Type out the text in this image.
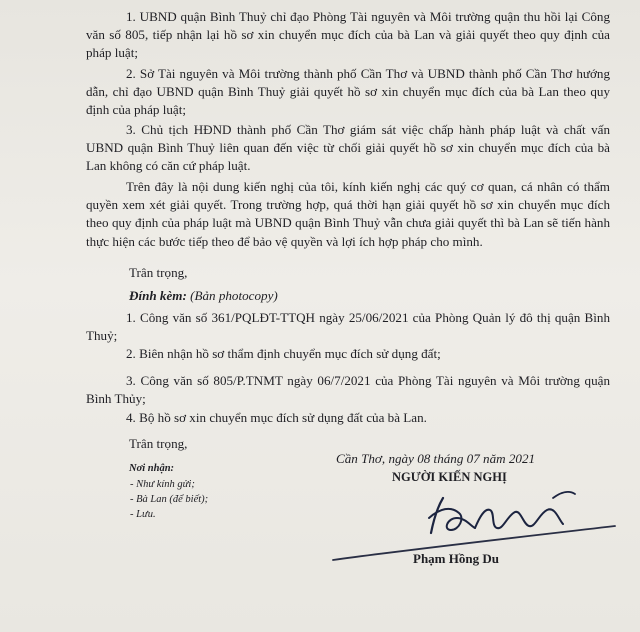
1. UBND quận Bình Thuỷ chỉ đạo Phòng Tài nguyên và Môi trường quận thu hồi lại Công văn số 805, tiếp nhận lại hồ sơ xin chuyển mục đích của bà Lan và giải quyết theo quy định của pháp luật;

2. Sở Tài nguyên và Môi trường thành phố Cần Thơ và UBND thành phố Cần Thơ hướng dẫn, chỉ đạo UBND quận Bình Thuỷ giải quyết hồ sơ xin chuyển mục đích của bà Lan theo quy định của pháp luật;

3. Chủ tịch HĐND thành phố Cần Thơ giám sát việc chấp hành pháp luật và chất vấn UBND quận Bình Thuỷ liên quan đến việc từ chối giải quyết hồ sơ xin chuyển mục đích của bà Lan không có căn cứ pháp luật.

Trên đây là nội dung kiến nghị của tôi, kính kiến nghị các quý cơ quan, cá nhân có thẩm quyền xem xét giải quyết. Trong trường hợp, quá thời hạn giải quyết hồ sơ xin chuyển mục đích theo quy định của pháp luật mà UBND quận Bình Thuỷ vẫn chưa giải quyết thì bà Lan sẽ tiến hành thực hiện các bước tiếp theo để bảo vệ quyền và lợi ích hợp pháp cho mình.

Trân trọng,
Đính kèm: (Bản photocopy)

1. Công văn số 361/PQLĐT-TTQH ngày 25/06/2021 của Phòng Quản lý đô thị quận Bình Thuỷ;

2. Biên nhận hồ sơ thẩm định chuyển mục đích sử dụng đất;

3. Công văn số 805/P.TNMT ngày 06/7/2021 của Phòng Tài nguyên và Môi trường quận Bình Thủy;

4. Bộ hồ sơ xin chuyển mục đích sử dụng đất của bà Lan.

Trân trọng,
Nơi nhận:
- Như kính gửi;
- Bà Lan (để biết);
- Lưu.
Cần Thơ, ngày 08 tháng 07 năm 2021
NGƯỜI KIẾN NGHỊ
Phạm Hồng Du
